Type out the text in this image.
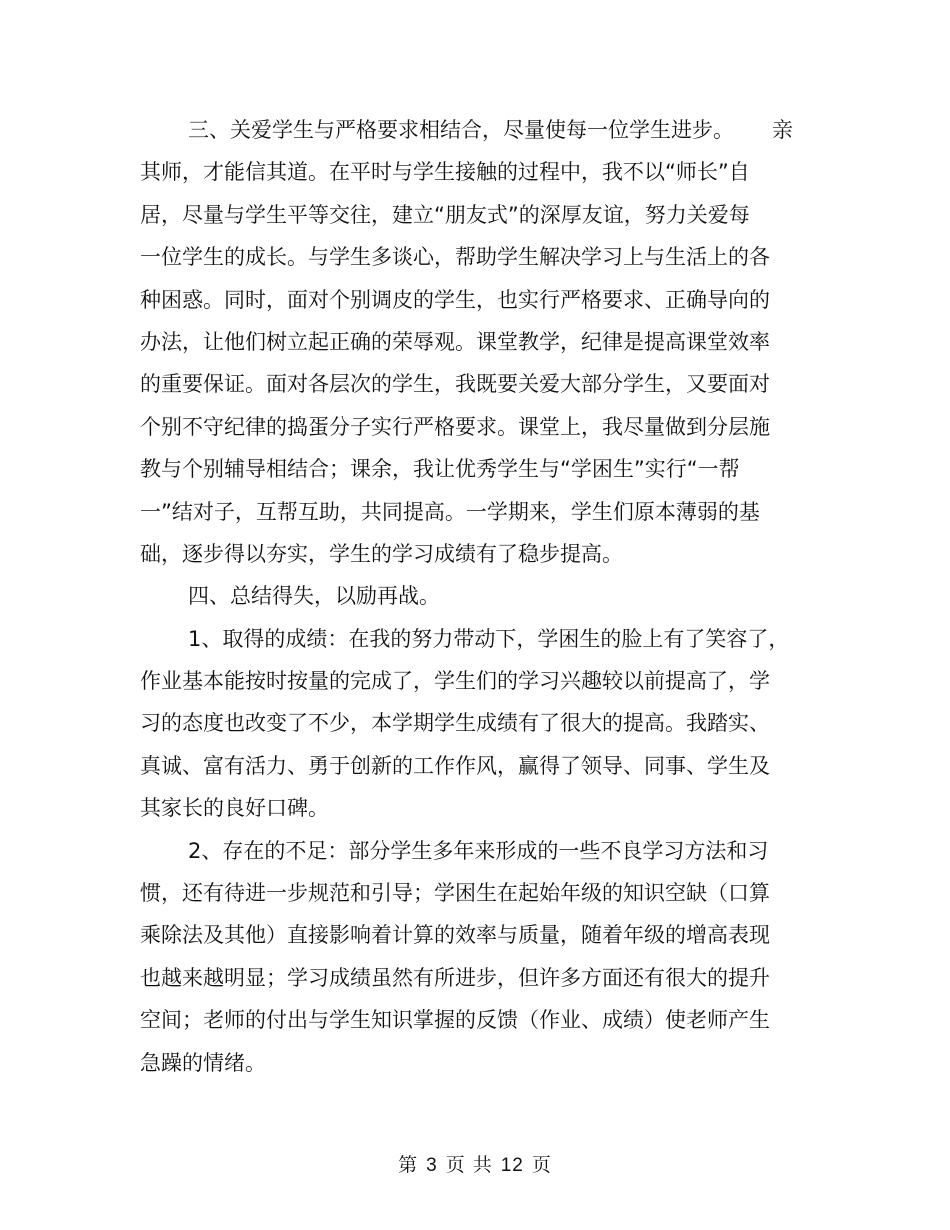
三、关爱学生与严格要求相结合，尽量使每一位学生进步。 亲
其师，才能信其道。在平时与学生接触的过程中，我不以“师长”自
居，尽量与学生平等交往，建立“朋友式”的深厚友谊，努力关爱每
一位学生的成长。与学生多谈心，帮助学生解决学习上与生活上的各
种困惑。同时，面对个别调皮的学生，也实行严格要求、正确导向的
办法，让他们树立起正确的荣辱观。课堂教学，纪律是提高课堂效率
的重要保证。面对各层次的学生，我既要关爱大部分学生，又要面对
个别不守纪律的捣蛋分子实行严格要求。课堂上，我尽量做到分层施
教与个别辅导相结合；课余，我让优秀学生与“学困生”实行“一帮
一”结对子，互帮互助，共同提高。一学期来，学生们原本薄弱的基
础，逐步得以夯实，学生的学习成绩有了稳步提高。
四、总结得失，以励再战。
1、取得的成绩：在我的努力带动下，学困生的脸上有了笑容了，
作业基本能按时按量的完成了，学生们的学习兴趣较以前提高了，学
习的态度也改变了不少，本学期学生成绩有了很大的提高。我踏实、
真诚、富有活力、勇于创新的工作作风，赢得了领导、同事、学生及
其家长的良好口碑。
2、存在的不足：部分学生多年来形成的一些不良学习方法和习
惯，还有待进一步规范和引导；学困生在起始年级的知识空缺（口算
乘除法及其他）直接影响着计算的效率与质量，随着年级的增高表现
也越来越明显；学习成绩虽然有所进步，但许多方面还有很大的提升
空间；老师的付出与学生知识掌握的反馈（作业、成绩）使老师产生
急躁的情绪。
第 3 页 共 12 页
